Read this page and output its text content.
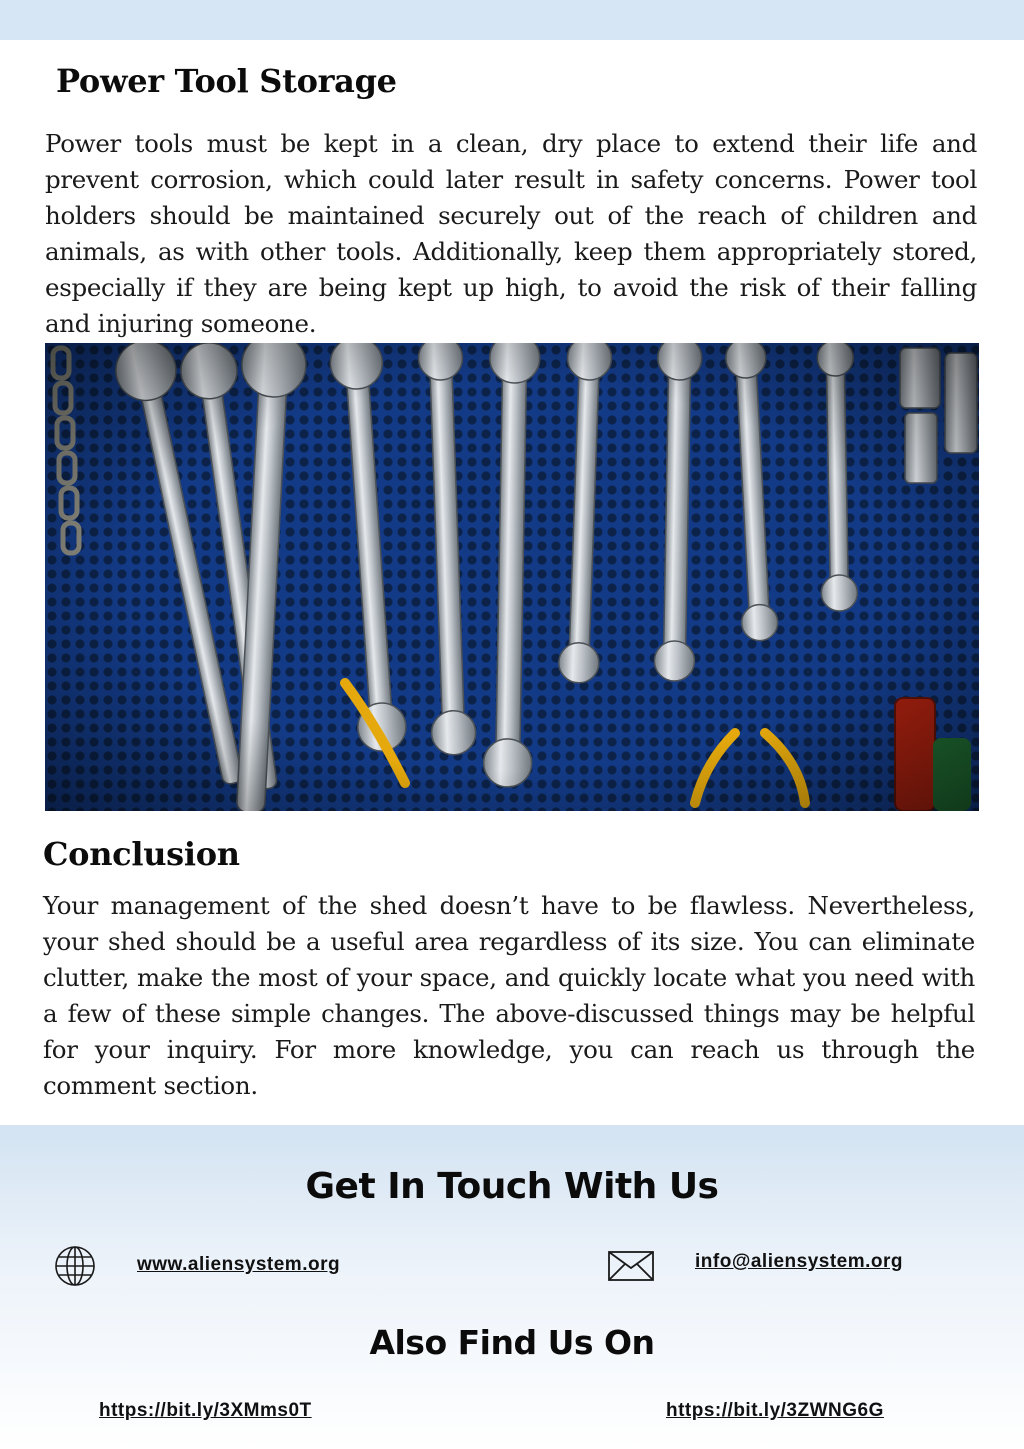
Power Tool Storage

Power tools must be kept in a clean, dry place to extend their life and prevent corrosion, which could later result in safety concerns. Power tool holders should be maintained securely out of the reach of children and animals, as with other tools. Additionally, keep them appropriately stored, especially if they are being kept up high, to avoid the risk of their falling and injuring someone.

Conclusion

Your management of the shed doesn’t have to be flawless. Nevertheless, your shed should be a useful area regardless of its size. You can eliminate clutter, make the most of your space, and quickly locate what you need with a few of these simple changes. The above-discussed things may be helpful for your inquiry. For more knowledge, you can reach us through the comment section.

Get In Touch With Us
www.aliensystem.org	info@aliensystem.org
Also Find Us On
https://bit.ly/3XMms0T	https://bit.ly/3ZWNG6G
